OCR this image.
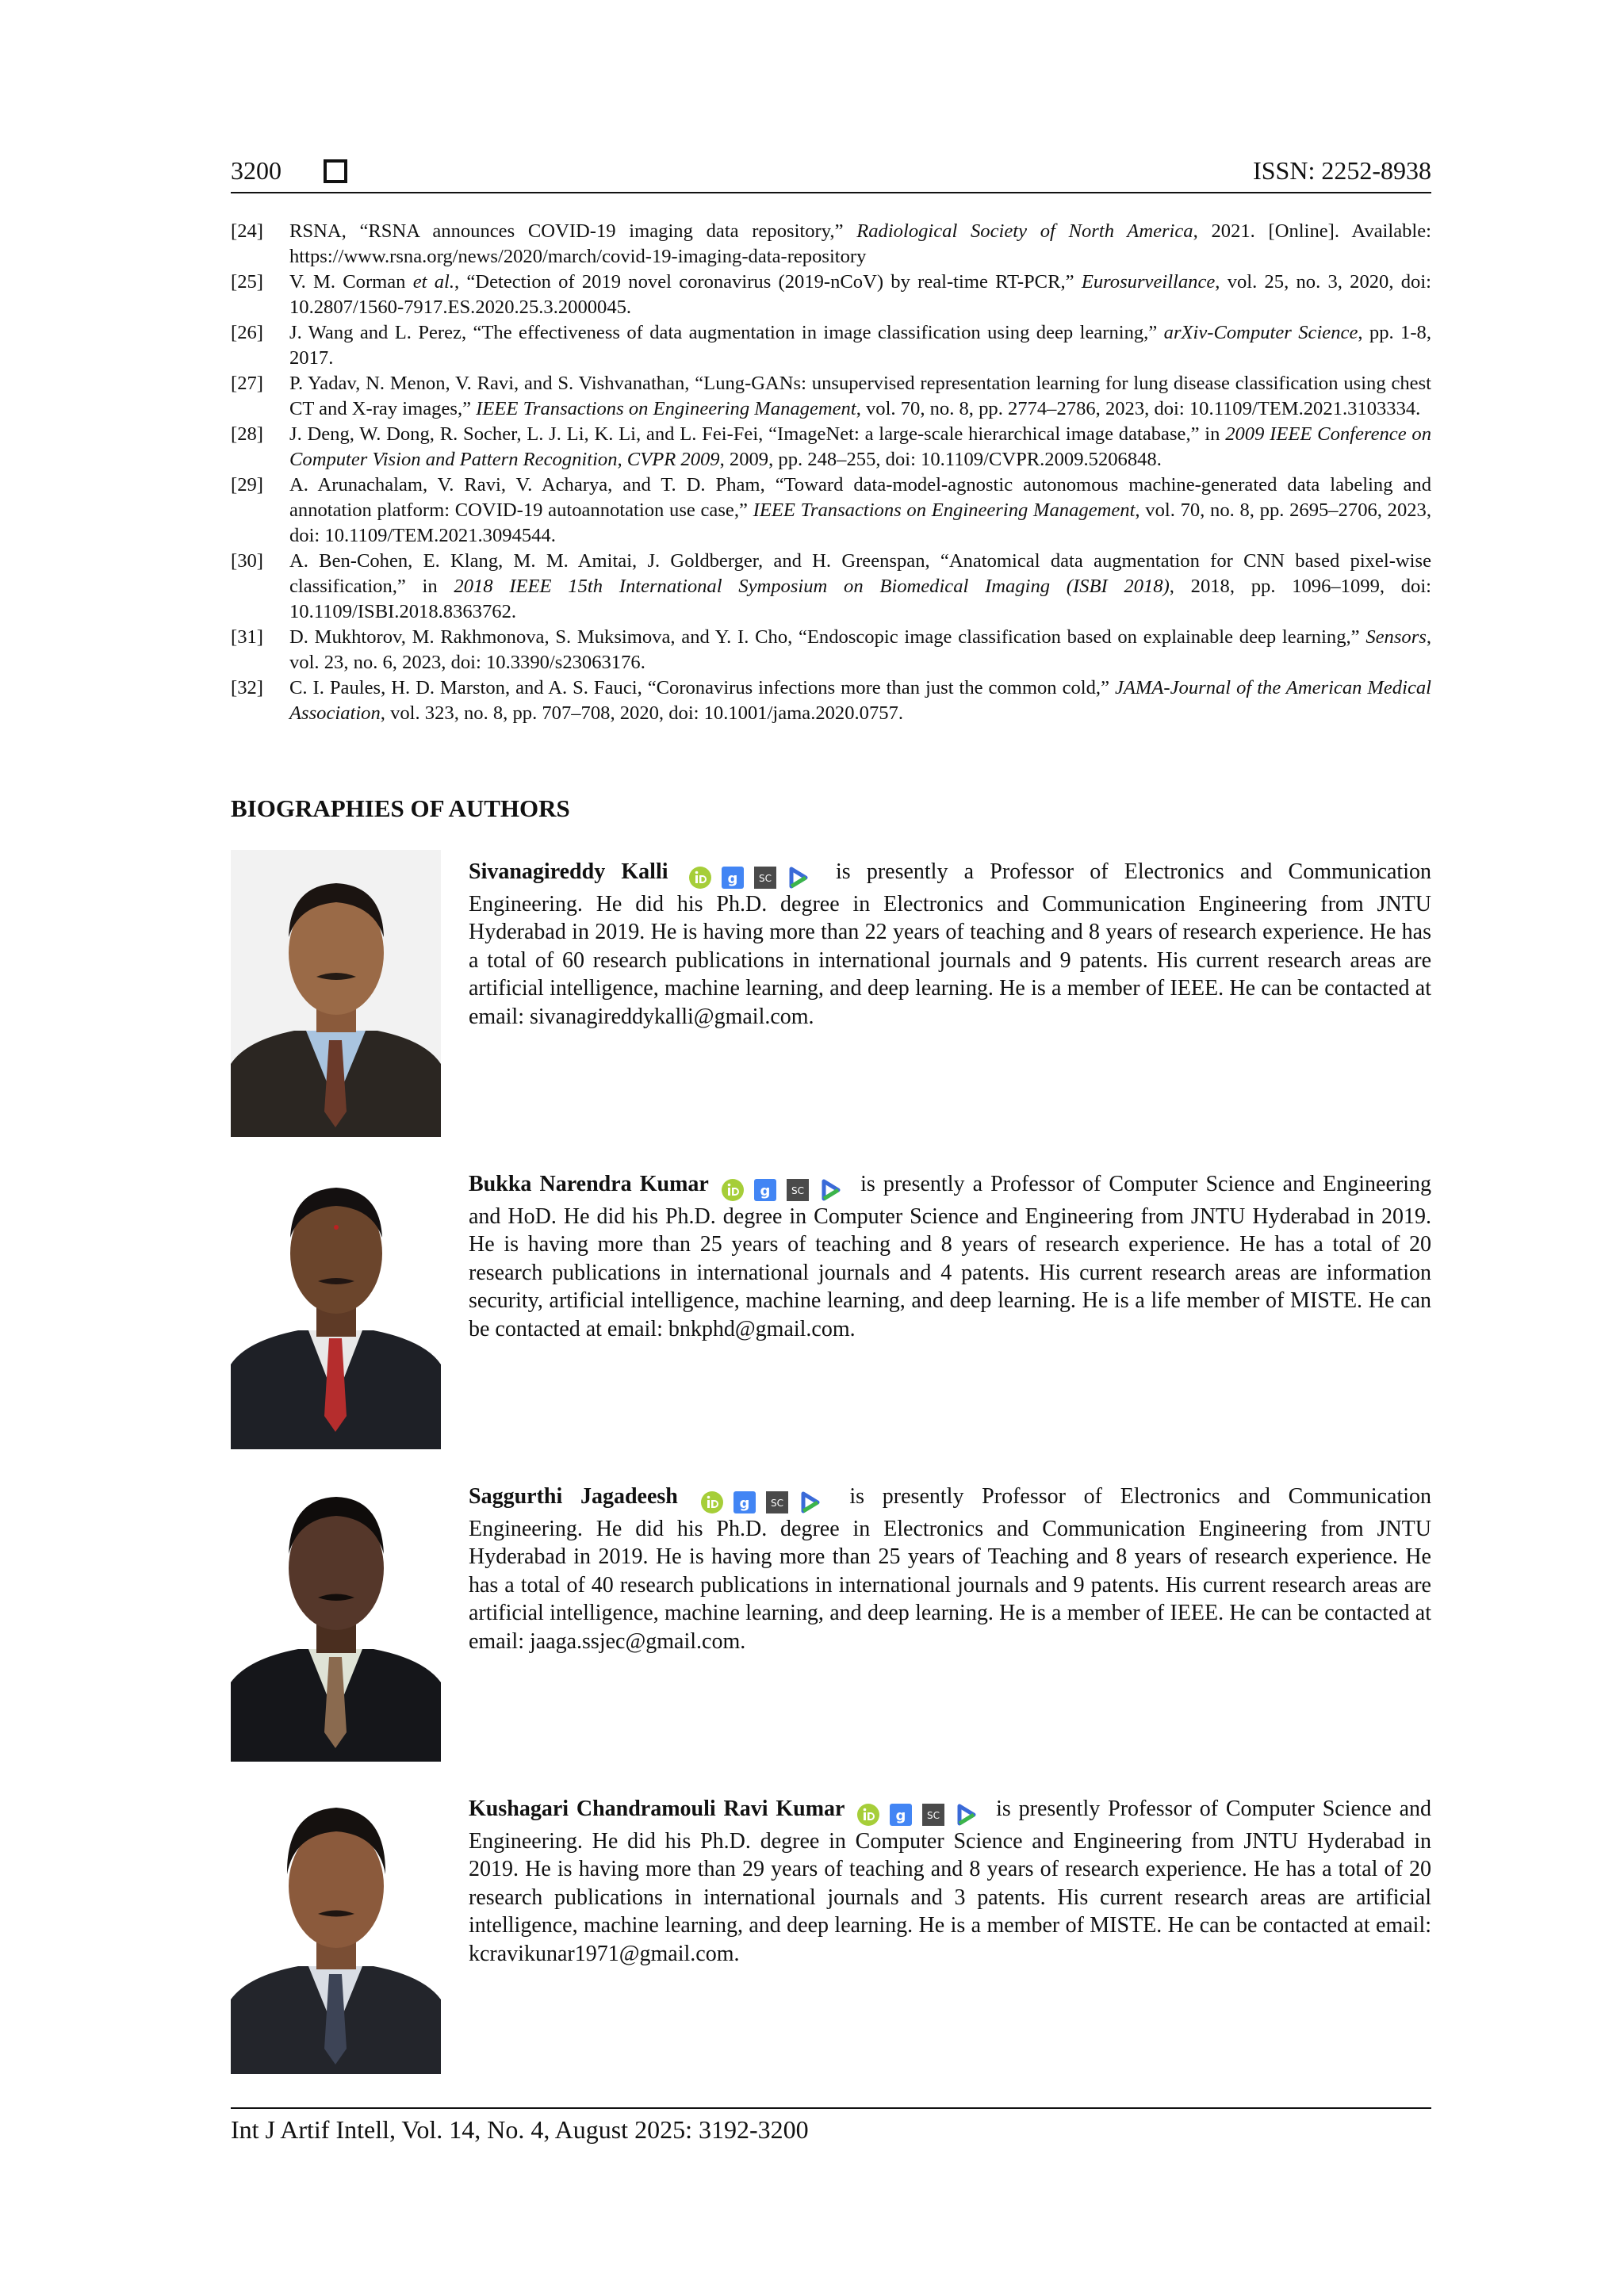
3200	ISSN: 2252-8938
[24]	RSNA, “RSNA announces COVID-19 imaging data repository,” Radiological Society of North America, 2021. [Online]. Available: https://www.rsna.org/news/2020/march/covid-19-imaging-data-repository
[25]	V. M. Corman et al., “Detection of 2019 novel coronavirus (2019-nCoV) by real-time RT-PCR,” Eurosurveillance, vol. 25, no. 3, 2020, doi: 10.2807/1560-7917.ES.2020.25.3.2000045.
[26]	J. Wang and L. Perez, “The effectiveness of data augmentation in image classification using deep learning,” arXiv-Computer Science, pp. 1-8, 2017.
[27]	P. Yadav, N. Menon, V. Ravi, and S. Vishvanathan, “Lung-GANs: unsupervised representation learning for lung disease classification using chest CT and X-ray images,” IEEE Transactions on Engineering Management, vol. 70, no. 8, pp. 2774–2786, 2023, doi: 10.1109/TEM.2021.3103334.
[28]	J. Deng, W. Dong, R. Socher, L. J. Li, K. Li, and L. Fei-Fei, “ImageNet: a large-scale hierarchical image database,” in 2009 IEEE Conference on Computer Vision and Pattern Recognition, CVPR 2009, 2009, pp. 248–255, doi: 10.1109/CVPR.2009.5206848.
[29]	A. Arunachalam, V. Ravi, V. Acharya, and T. D. Pham, “Toward data-model-agnostic autonomous machine-generated data labeling and annotation platform: COVID-19 autoannotation use case,” IEEE Transactions on Engineering Management, vol. 70, no. 8, pp. 2695–2706, 2023, doi: 10.1109/TEM.2021.3094544.
[30]	A. Ben-Cohen, E. Klang, M. M. Amitai, J. Goldberger, and H. Greenspan, “Anatomical data augmentation for CNN based pixel-wise classification,” in 2018 IEEE 15th International Symposium on Biomedical Imaging (ISBI 2018), 2018, pp. 1096–1099, doi: 10.1109/ISBI.2018.8363762.
[31]	D. Mukhtorov, M. Rakhmonova, S. Muksimova, and Y. I. Cho, “Endoscopic image classification based on explainable deep learning,” Sensors, vol. 23, no. 6, 2023, doi: 10.3390/s23063176.
[32]	C. I. Paules, H. D. Marston, and A. S. Fauci, “Coronavirus infections more than just the common cold,” JAMA-Journal of the American Medical Association, vol. 323, no. 8, pp. 707–708, 2020, doi: 10.1001/jama.2020.0757.
BIOGRAPHIES OF AUTHORS
Sivanagireddy Kalli	g SC	is presently a Professor of Electronics and Communication Engineering. He did his Ph.D. degree in Electronics and Communication Engineering from JNTU Hyderabad in 2019. He is having more than 22 years of teaching and 8 years of research experience. He has a total of 60 research publications in international journals and 9 patents. His current research areas are artificial intelligence, machine learning, and deep learning. He is a member of IEEE. He can be contacted at email: sivanagireddykalli@gmail.com.
Bukka Narendra Kumar	g SC	is presently a Professor of Computer Science and Engineering and HoD. He did his Ph.D. degree in Computer Science and Engineering from JNTU Hyderabad in 2019. He is having more than 25 years of teaching and 8 years of research experience. He has a total of 20 research publications in international journals and 4 patents. His current research areas are information security, artificial intelligence, machine learning, and deep learning. He is a life member of MISTE. He can be contacted at email: bnkphd@gmail.com.
Saggurthi Jagadeesh	g SC	is presently Professor of Electronics and Communication Engineering. He did his Ph.D. degree in Electronics and Communication Engineering from JNTU Hyderabad in 2019. He is having more than 25 years of Teaching and 8 years of research experience. He has a total of 40 research publications in international journals and 9 patents. His current research areas are artificial intelligence, machine learning, and deep learning. He is a member of IEEE. He can be contacted at email: jaaga.ssjec@gmail.com.
Kushagari Chandramouli Ravi Kumar	g SC	is presently Professor of Computer Science and Engineering. He did his Ph.D. degree in Computer Science and Engineering from JNTU Hyderabad in 2019. He is having more than 29 years of teaching and 8 years of research experience. He has a total of 20 research publications in international journals and 3 patents. His current research areas are artificial intelligence, machine learning, and deep learning. He is a member of MISTE. He can be contacted at email: kcravikunar1971@gmail.com.
Int J Artif Intell, Vol. 14, No. 4, August 2025: 3192-3200
